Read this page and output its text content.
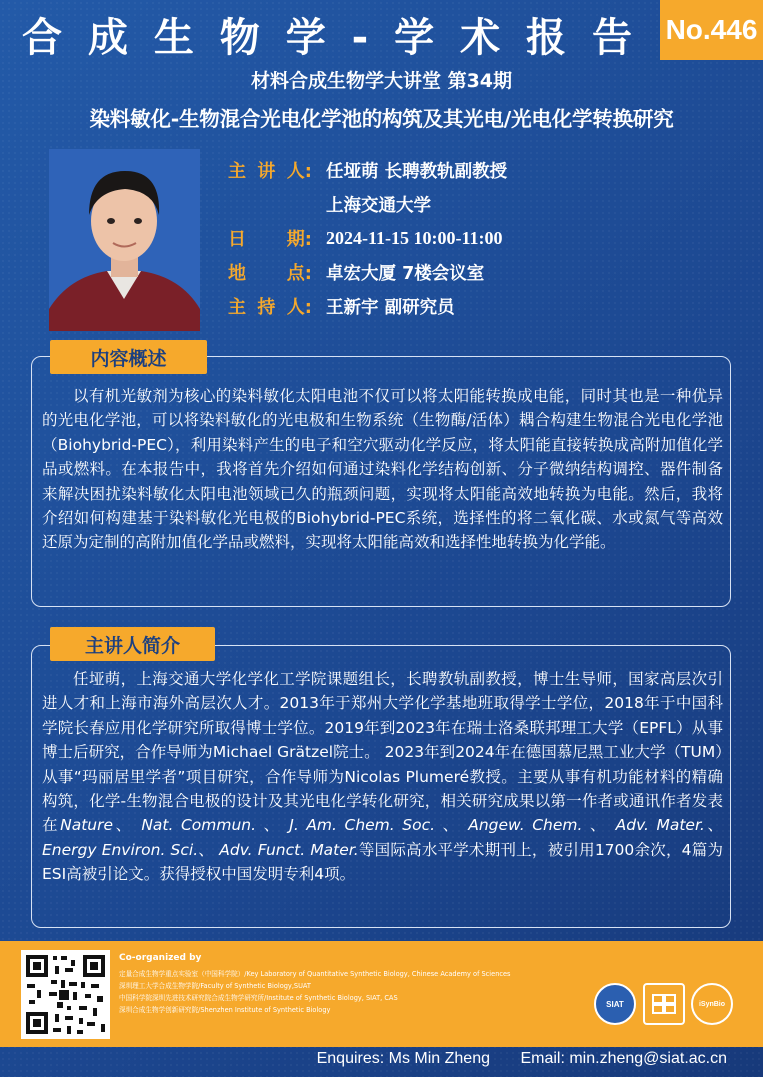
合 成 生 物 学 - 学 术 报 告 No.446
材料合成生物学大讲堂 第34期
染料敏化-生物混合光电化学池的构筑及其光电/光电化学转换研究
主 讲 人: 任垭萌 长聘教轨副教授
上海交通大学
日 期: 2024-11-15 10:00-11:00
地 点: 卓宏大厦 7楼会议室
主 持 人: 王新宇 副研究员
内容概述

以有机光敏剂为核心的染料敏化太阳电池不仅可以将太阳能转换成电能，同时其也是一种优异的光电化学池，可以将染料敏化的光电极和生物系统（生物酶/活体）耦合构建生物混合光电化学池（Biohybrid-PEC），利用染料产生的电子和空穴驱动化学反应，将太阳能直接转换成高附加值化学品或燃料。在本报告中，我将首先介绍如何通过染料化学结构创新、分子微纳结构调控、器件制备来解决困扰染料敏化太阳电池领域已久的瓶颈问题，实现将太阳能高效地转换为电能。然后，我将介绍如何构建基于染料敏化光电极的Biohybrid-PEC系统，选择性的将二氧化碳、水或氮气等高效还原为定制的高附加值化学品或燃料，实现将太阳能高效和选择性地转换为化学能。

主讲人简介

任垭萌，上海交通大学化学化工学院课题组长，长聘教轨副教授，博士生导师，国家高层次引进人才和上海市海外高层次人才。2013年于郑州大学化学基地班取得学士学位，2018年于中国科学院长春应用化学研究所取得博士学位。2019年到2023年在瑞士洛桑联邦理工大学（EPFL）从事博士后研究，合作导师为Michael Grätzel院士。 2023年到2024年在德国慕尼黑工业大学（TUM）从事“玛丽居里学者”项目研究，合作导师为Nicolas Plumeré教授。主要从事有机功能材料的精确构筑，化学-生物混合电极的设计及其光电化学转化研究，相关研究成果以第一作者或通讯作者发表在Nature、 Nat. Commun. 、 J. Am. Chem. Soc. 、 Angew. Chem. 、 Adv. Mater.、 Energy Environ. Sci.、 Adv. Funct. Mater.等国际高水平学术期刊上，被引用1700余次，4篇为ESI高被引论文。获得授权中国发明专利4项。

Co-organized by
定量合成生物学重点实验室（中国科学院）/Key Laboratory of Quantitative Synthetic Biology, Chinese Academy of Sciences
深圳理工大学合成生物学院/Faculty of Synthetic Biology,SUAT
中国科学院深圳先进技术研究院合成生物学研究所/Institute of Synthetic Biology, SIAT, CAS
深圳合成生物学创新研究院/Shenzhen Institute of Synthetic Biology
SIAT	iSynBio
Enquires: Ms Min Zheng Email: min.zheng@siat.ac.cn
